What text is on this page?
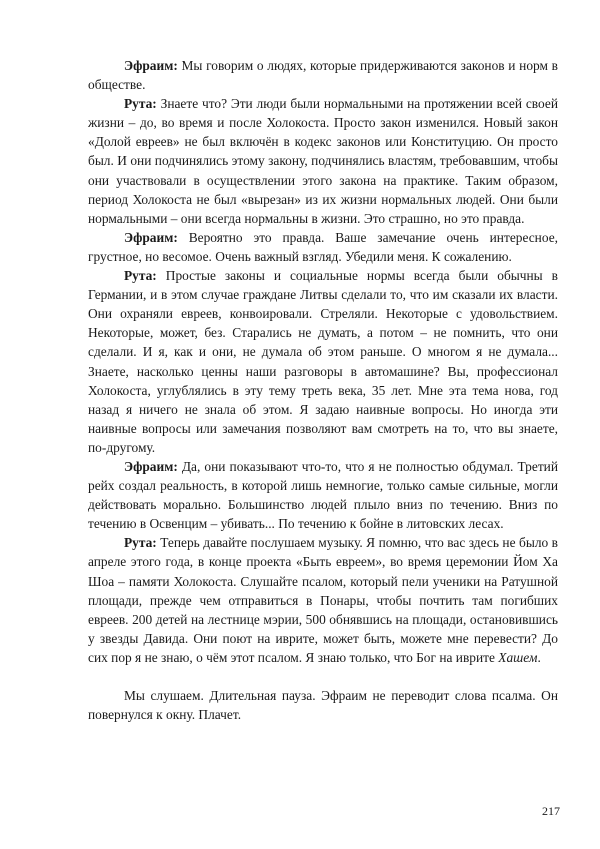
Эфраим: Мы говорим о людях, которые придерживаются законов и норм в обществе.

Рута: Знаете что? Эти люди были нормальными на протяжении всей своей жизни – до, во время и после Холокоста. Просто закон изменился. Новый закон «Долой евреев» не был включён в кодекс законов или Конституцию. Он просто был. И они подчинялись этому закону, подчинялись властям, требовавшим, чтобы они участвовали в осуществлении этого закона на практике. Таким образом, период Холокоста не был «вырезан» из их жизни нормальных людей. Они были нормальными – они всегда нормальны в жизни. Это страшно, но это правда.

Эфраим: Вероятно это правда. Ваше замечание очень интересное, грустное, но весомое. Очень важный взгляд. Убедили меня. К сожалению.

Рута: Простые законы и социальные нормы всегда были обычны в Германии, и в этом случае граждане Литвы сделали то, что им сказали их власти. Они охраняли евреев, конвоировали. Стреляли. Некоторые с удовольствием. Некоторые, может, без. Старались не думать, а потом – не помнить, что они сделали. И я, как и они, не думала об этом раньше. О многом я не думала... Знаете, насколько ценны наши разговоры в автомашине? Вы, профессионал Холокоста, углублялись в эту тему треть века, 35 лет. Мне эта тема нова, год назад я ничего не знала об этом. Я задаю наивные вопросы. Но иногда эти наивные вопросы или замечания позволяют вам смотреть на то, что вы знаете, по-другому.

Эфраим: Да, они показывают что-то, что я не полностью обдумал. Третий рейх создал реальность, в которой лишь немногие, только самые сильные, могли действовать морально. Большинство людей плыло вниз по течению. Вниз по течению в Освенцим – убивать... По течению к бойне в литовских лесах.

Рута: Теперь давайте послушаем музыку. Я помню, что вас здесь не было в апреле этого года, в конце проекта «Быть евреем», во время церемонии Йом Ха Шоа – памяти Холокоста. Слушайте псалом, который пели ученики на Ратушной площади, прежде чем отправиться в Понары, чтобы почтить там погибших евреев. 200 детей на лестнице мэрии, 500 обнявшись на площади, остановившись у звезды Давида. Они поют на иврите, может быть, можете мне перевести? До сих пор я не знаю, о чём этот псалом. Я знаю только, что Бог на иврите Хашем.

Мы слушаем. Длительная пауза. Эфраим не переводит слова псалма. Он повернулся к окну. Плачет.

217
